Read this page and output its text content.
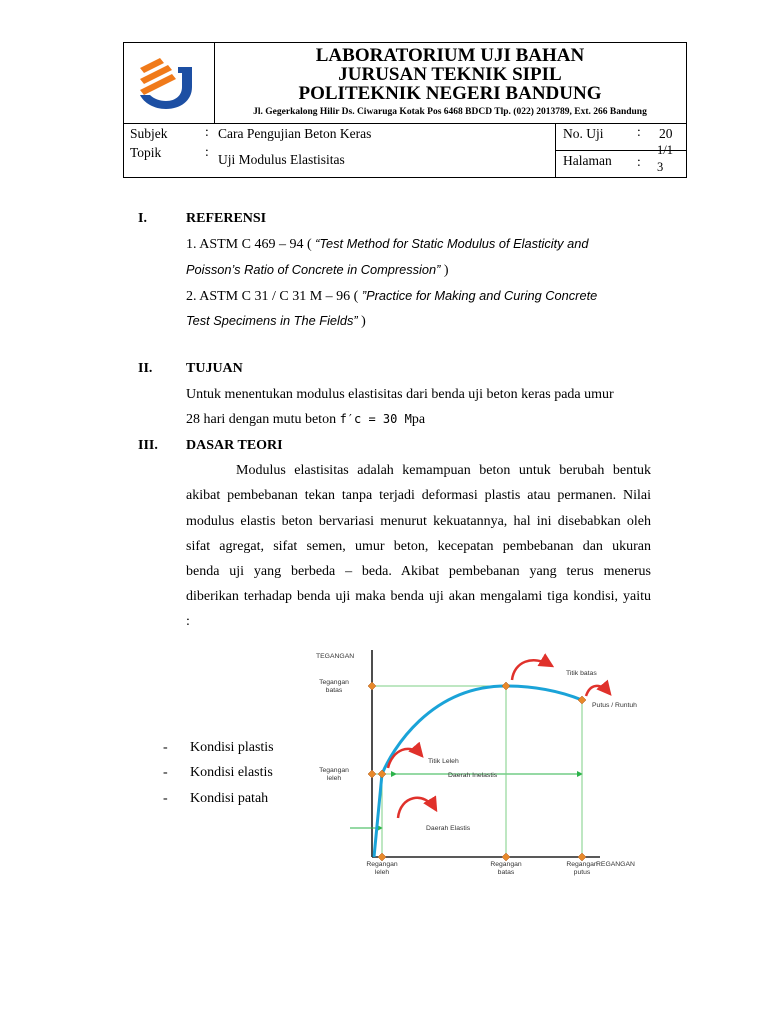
LABORATORIUM UJI BAHAN
JURUSAN TEKNIK SIPIL
POLITEKNIK NEGERI BANDUNG
Jl. Gegerkalong Hilir Ds. Ciwaruga Kotak Pos 6468 BDCD Tlp. (022) 2013789, Ext. 266 Bandung
Subjek
Topik
:
:
Cara Pengujian Beton Keras
Uji Modulus Elastisitas
No. Uji : 20
Halaman :
1/1
3
I.	REFERENSI
1. ASTM C 469 – 94 ( “Test Method for Static Modulus of Elasticity and
Poisson’s Ratio of Concrete in Compression” )
2. ASTM C 31 / C 31 M – 96 ( ”Practice for Making and Curing Concrete
Test Specimens in The Fields” )
II. TUJUAN
Untuk menentukan modulus elastisitas dari benda uji beton keras pada umur
28 hari dengan mutu beton f′c = 30 Mpa
III. DASAR TEORI
Modulus elastisitas adalah kemampuan beton untuk berubah bentuk
akibat pembebanan tekan tanpa terjadi deformasi plastis atau permanen. Nilai
modulus elastis beton bervariasi menurut kekuatannya, hal ini disebabkan oleh
sifat agregat, sifat semen, umur beton, kecepatan pembebanan dan ukuran
benda uji yang berbeda – beda. Akibat pembebanan yang terus menerus
diberikan terhadap benda uji maka benda uji akan mengalami tiga kondisi, yaitu
:
- Kondisi plastis
- Kondisi elastis
- Kondisi patah
TEGANGAN
Tegangan
batas
Tegangan
leleh
Titik batas
Putus / Runtuh
Titik Leleh
Daerah Inelastis
Daerah Elastis
Regangan
leleh
Regangan
batas
Regangan
putus
REGANGAN
